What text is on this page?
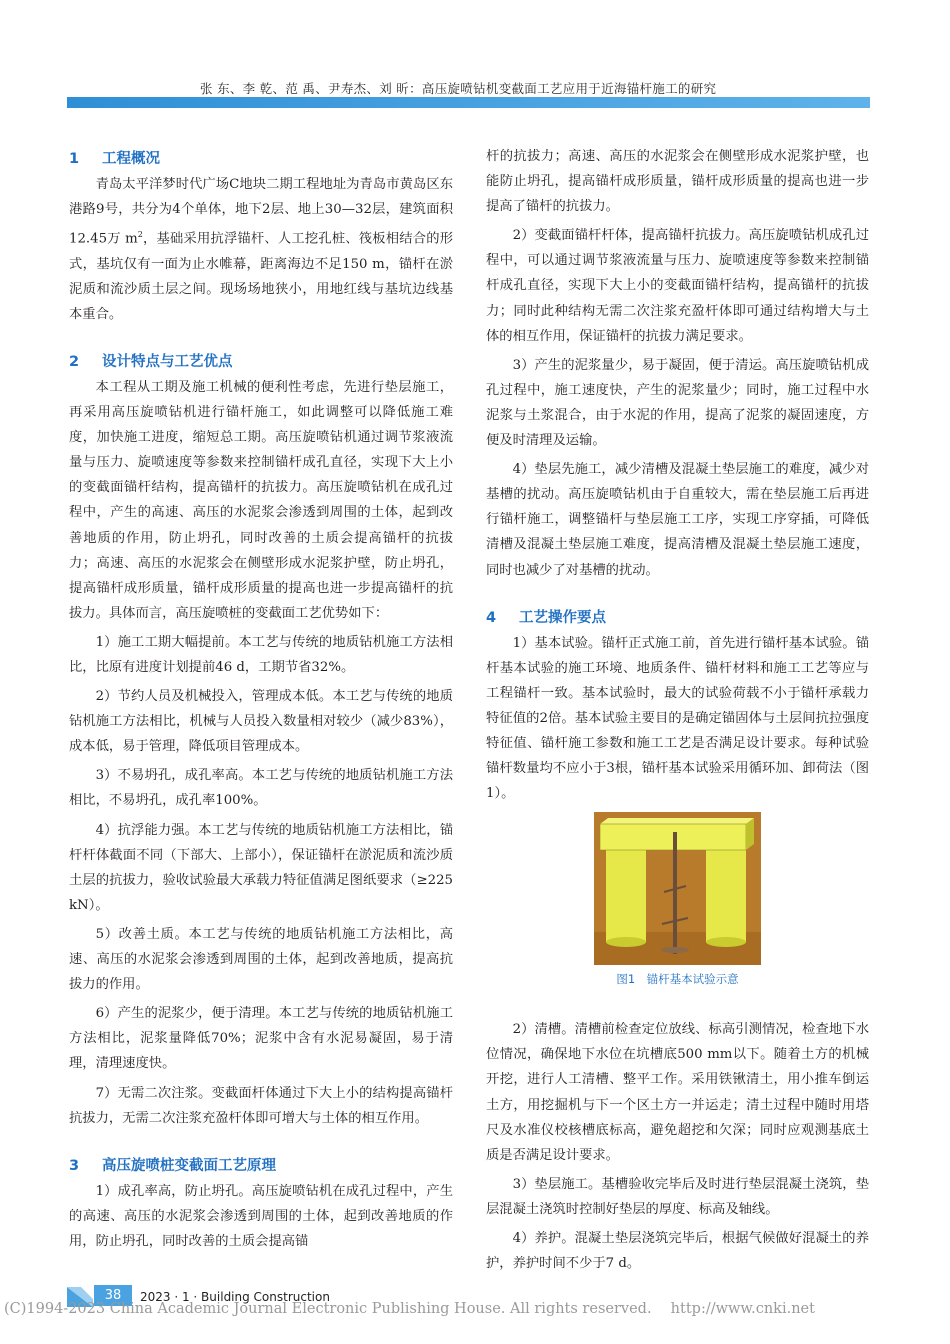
张 东、李 乾、范 禹、尹寿杰、刘 昕：高压旋喷钻机变截面工艺应用于近海锚杆施工的研究
1 工程概况

青岛太平洋梦时代广场C地块二期工程地址为青岛市黄岛区东港路9号，共分为4个单体，地下2层、地上30—32层，建筑面积12.45万 $m^2$，基础采用抗浮锚杆、人工挖孔桩、筏板相结合的形式，基坑仅有一面为止水帷幕，距离海边不足150 m，锚杆在淤泥质和流沙质土层之间。现场场地狭小，用地红线与基坑边线基本重合。

2 设计特点与工艺优点

本工程从工期及施工机械的便利性考虑，先进行垫层施工，再采用高压旋喷钻机进行锚杆施工，如此调整可以降低施工难度，加快施工进度，缩短总工期。高压旋喷钻机通过调节浆液流量与压力、旋喷速度等参数来控制锚杆成孔直径，实现下大上小的变截面锚杆结构，提高锚杆的抗拔力。高压旋喷钻机在成孔过程中，产生的高速、高压的水泥浆会渗透到周围的土体，起到改善地质的作用，防止坍孔，同时改善的土质会提高锚杆的抗拔力；高速、高压的水泥浆会在侧壁形成水泥浆护壁，防止坍孔，提高锚杆成形质量，锚杆成形质量的提高也进一步提高锚杆的抗拔力。具体而言，高压旋喷桩的变截面工艺优势如下：

1）施工工期大幅提前。本工艺与传统的地质钻机施工方法相比，比原有进度计划提前46 d，工期节省32%。

2）节约人员及机械投入，管理成本低。本工艺与传统的地质钻机施工方法相比，机械与人员投入数量相对较少（减少83%），成本低，易于管理，降低项目管理成本。

3）不易坍孔，成孔率高。本工艺与传统的地质钻机施工方法相比，不易坍孔，成孔率100%。

4）抗浮能力强。本工艺与传统的地质钻机施工方法相比，锚杆杆体截面不同（下部大、上部小），保证锚杆在淤泥质和流沙质土层的抗拔力，验收试验最大承载力特征值满足图纸要求（≥225 kN）。

5）改善土质。本工艺与传统的地质钻机施工方法相比，高速、高压的水泥浆会渗透到周围的土体，起到改善地质，提高抗拔力的作用。

6）产生的泥浆少，便于清理。本工艺与传统的地质钻机施工方法相比，泥浆量降低70%；泥浆中含有水泥易凝固，易于清理，清理速度快。

7）无需二次注浆。变截面杆体通过下大上小的结构提高锚杆抗拔力，无需二次注浆充盈杆体即可增大与土体的相互作用。

3 高压旋喷桩变截面工艺原理

1）成孔率高，防止坍孔。高压旋喷钻机在成孔过程中，产生的高速、高压的水泥浆会渗透到周围的土体，起到改善地质的作用，防止坍孔，同时改善的土质会提高锚

杆的抗拔力；高速、高压的水泥浆会在侧壁形成水泥浆护壁，也能防止坍孔，提高锚杆成形质量，锚杆成形质量的提高也进一步提高了锚杆的抗拔力。

2）变截面锚杆杆体，提高锚杆抗拔力。高压旋喷钻机成孔过程中，可以通过调节浆液流量与压力、旋喷速度等参数来控制锚杆成孔直径，实现下大上小的变截面锚杆结构，提高锚杆的抗拔力；同时此种结构无需二次注浆充盈杆体即可通过结构增大与土体的相互作用，保证锚杆的抗拔力满足要求。

3）产生的泥浆量少，易于凝固，便于清运。高压旋喷钻机成孔过程中，施工速度快，产生的泥浆量少；同时，施工过程中水泥浆与土浆混合，由于水泥的作用，提高了泥浆的凝固速度，方便及时清理及运输。

4）垫层先施工，减少清槽及混凝土垫层施工的难度，减少对基槽的扰动。高压旋喷钻机由于自重较大，需在垫层施工后再进行锚杆施工，调整锚杆与垫层施工工序，实现工序穿插，可降低清槽及混凝土垫层施工难度，提高清槽及混凝土垫层施工速度，同时也减少了对基槽的扰动。

4 工艺操作要点

1）基本试验。锚杆正式施工前，首先进行锚杆基本试验。锚杆基本试验的施工环境、地质条件、锚杆材料和施工工艺等应与工程锚杆一致。基本试验时，最大的试验荷载不小于锚杆承载力特征值的2倍。基本试验主要目的是确定锚固体与土层间抗拉强度特征值、锚杆施工参数和施工工艺是否满足设计要求。每种试验锚杆数量均不应小于3根，锚杆基本试验采用循环加、卸荷法（图1）。

图1　锚杆基本试验示意

2）清槽。清槽前检查定位放线、标高引测情况，检查地下水位情况，确保地下水位在坑槽底500 mm以下。随着土方的机械开挖，进行人工清槽、整平工作。采用铁锹清土，用小推车倒运土方，用挖掘机与下一个区土方一并运走；清土过程中随时用塔尺及水准仪校核槽底标高，避免超挖和欠深；同时应观测基底土质是否满足设计要求。

3）垫层施工。基槽验收完毕后及时进行垫层混凝土浇筑，垫层混凝土浇筑时控制好垫层的厚度、标高及轴线。

4）养护。混凝土垫层浇筑完毕后，根据气候做好混凝土的养护，养护时间不少于7 d。

38	2023 · 1 · Building Construction
(C)1994-2023 China Academic Journal Electronic Publishing House. All rights reserved.　 http://www.cnki.net
